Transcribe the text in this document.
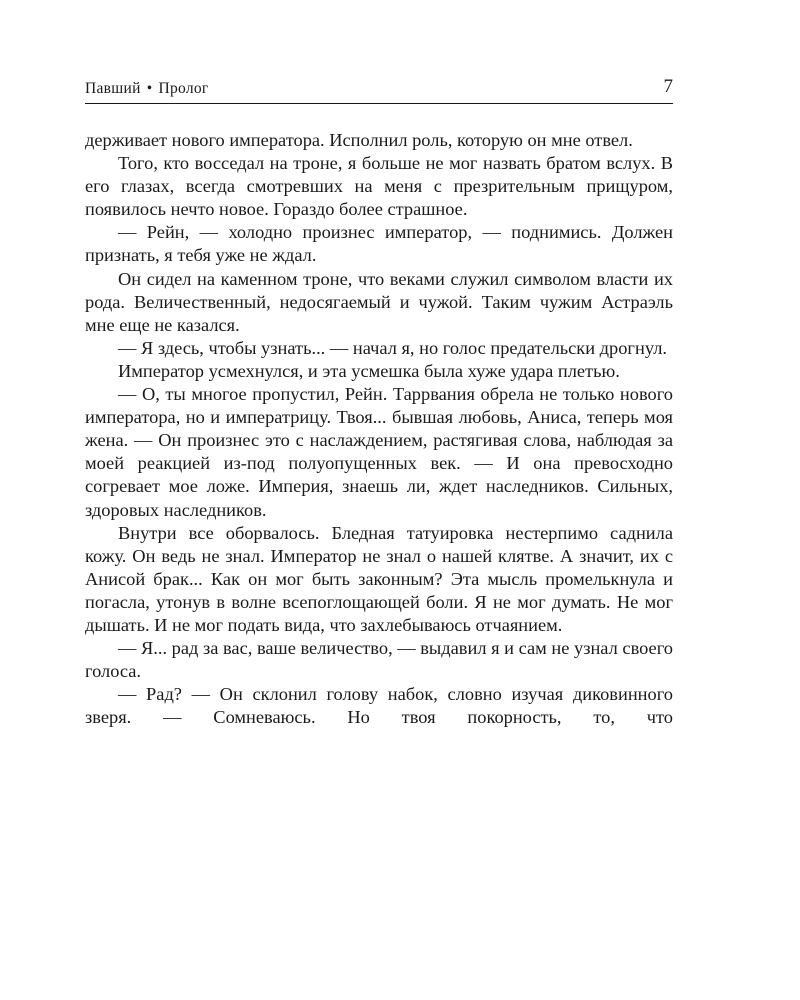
Павший • Пролог	7

держивает нового императора. Исполнил роль, которую он мне отвел.

Того, кто восседал на троне, я больше не мог назвать братом вслух. В его глазах, всегда смотревших на меня с презрительным прищуром, появилось нечто новое. Гораздо более страшное.

— Рейн, — холодно произнес император, — поднимись. Должен признать, я тебя уже не ждал.

Он сидел на каменном троне, что веками служил символом власти их рода. Величественный, недосягаемый и чужой. Таким чужим Астраэль мне еще не казался.

— Я здесь, чтобы узнать... — начал я, но голос предательски дрогнул.

Император усмехнулся, и эта усмешка была хуже удара плетью.

— О, ты многое пропустил, Рейн. Таррвания обрела не только нового императора, но и императрицу. Твоя... бывшая любовь, Аниса, теперь моя жена. — Он произнес это с наслаждением, растягивая слова, наблюдая за моей реакцией из-под полуопущенных век. — И она превосходно согревает мое ложе. Империя, знаешь ли, ждет наследников. Сильных, здоровых наследников.

Внутри все оборвалось. Бледная татуировка нестерпимо саднила кожу. Он ведь не знал. Император не знал о нашей клятве. А значит, их с Анисой брак... Как он мог быть законным? Эта мысль промелькнула и погасла, утонув в волне всепоглощающей боли. Я не мог думать. Не мог дышать. И не мог подать вида, что захлебываюсь отчаянием.

— Я... рад за вас, ваше величество, — выдавил я и сам не узнал своего голоса.

— Рад? — Он склонил голову набок, словно изучая диковинного зверя. — Сомневаюсь. Но твоя покорность, то, что
